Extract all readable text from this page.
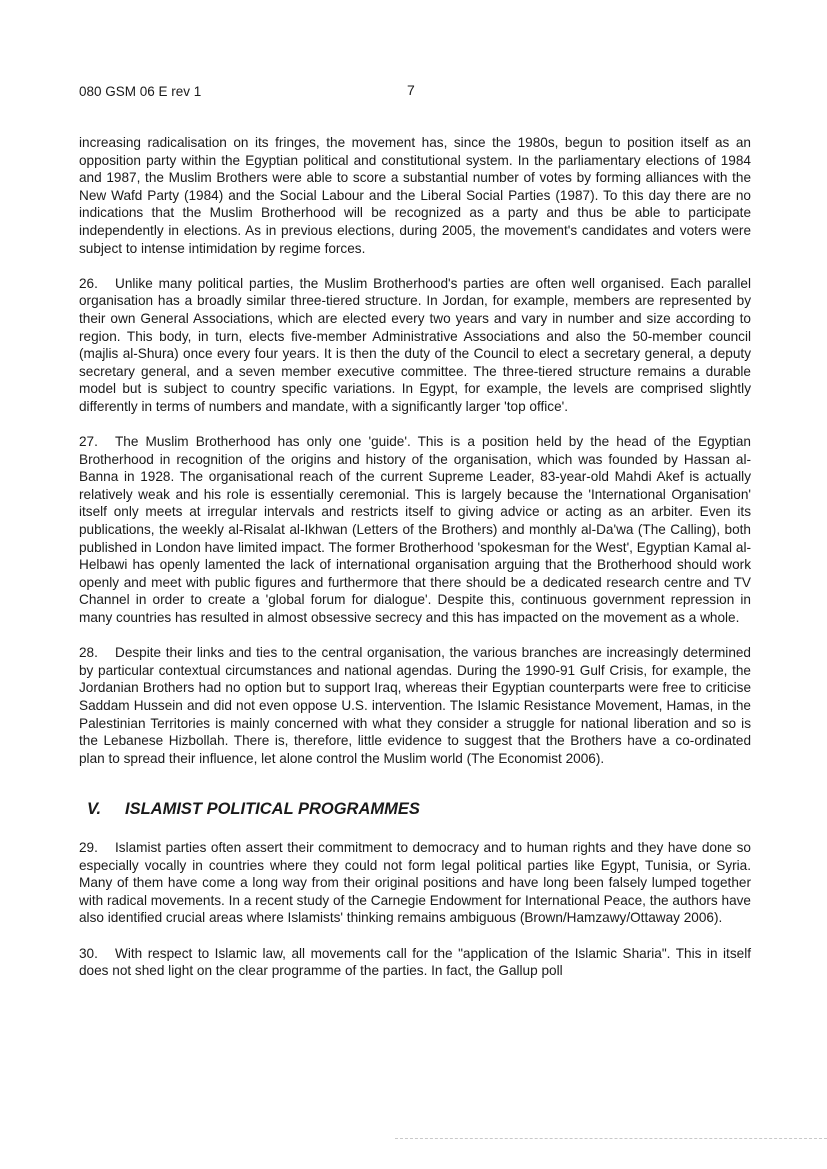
080 GSM 06 E rev 1	7

increasing radicalisation on its fringes, the movement has, since the 1980s, begun to position itself as an opposition party within the Egyptian political and constitutional system. In the parliamentary elections of 1984 and 1987, the Muslim Brothers were able to score a substantial number of votes by forming alliances with the New Wafd Party (1984) and the Social Labour and the Liberal Social Parties (1987). To this day there are no indications that the Muslim Brotherhood will be recognized as a party and thus be able to participate independently in elections. As in previous elections, during 2005, the movement's candidates and voters were subject to intense intimidation by regime forces.

26. Unlike many political parties, the Muslim Brotherhood's parties are often well organised. Each parallel organisation has a broadly similar three-tiered structure. In Jordan, for example, members are represented by their own General Associations, which are elected every two years and vary in number and size according to region. This body, in turn, elects five-member Administrative Associations and also the 50-member council (majlis al-Shura) once every four years. It is then the duty of the Council to elect a secretary general, a deputy secretary general, and a seven member executive committee. The three-tiered structure remains a durable model but is subject to country specific variations. In Egypt, for example, the levels are comprised slightly differently in terms of numbers and mandate, with a significantly larger 'top office'.

27. The Muslim Brotherhood has only one 'guide'. This is a position held by the head of the Egyptian Brotherhood in recognition of the origins and history of the organisation, which was founded by Hassan al-Banna in 1928. The organisational reach of the current Supreme Leader, 83-year-old Mahdi Akef is actually relatively weak and his role is essentially ceremonial. This is largely because the 'International Organisation' itself only meets at irregular intervals and restricts itself to giving advice or acting as an arbiter. Even its publications, the weekly al-Risalat al-Ikhwan (Letters of the Brothers) and monthly al-Da'wa (The Calling), both published in London have limited impact. The former Brotherhood 'spokesman for the West', Egyptian Kamal al-Helbawi has openly lamented the lack of international organisation arguing that the Brotherhood should work openly and meet with public figures and furthermore that there should be a dedicated research centre and TV Channel in order to create a 'global forum for dialogue'. Despite this, continuous government repression in many countries has resulted in almost obsessive secrecy and this has impacted on the movement as a whole.

28. Despite their links and ties to the central organisation, the various branches are increasingly determined by particular contextual circumstances and national agendas. During the 1990-91 Gulf Crisis, for example, the Jordanian Brothers had no option but to support Iraq, whereas their Egyptian counterparts were free to criticise Saddam Hussein and did not even oppose U.S. intervention. The Islamic Resistance Movement, Hamas, in the Palestinian Territories is mainly concerned with what they consider a struggle for national liberation and so is the Lebanese Hizbollah. There is, therefore, little evidence to suggest that the Brothers have a co-ordinated plan to spread their influence, let alone control the Muslim world (The Economist 2006).

V. ISLAMIST POLITICAL PROGRAMMES

29. Islamist parties often assert their commitment to democracy and to human rights and they have done so especially vocally in countries where they could not form legal political parties like Egypt, Tunisia, or Syria. Many of them have come a long way from their original positions and have long been falsely lumped together with radical movements. In a recent study of the Carnegie Endowment for International Peace, the authors have also identified crucial areas where Islamists' thinking remains ambiguous (Brown/Hamzawy/Ottaway 2006).

30. With respect to Islamic law, all movements call for the "application of the Islamic Sharia". This in itself does not shed light on the clear programme of the parties. In fact, the Gallup poll
